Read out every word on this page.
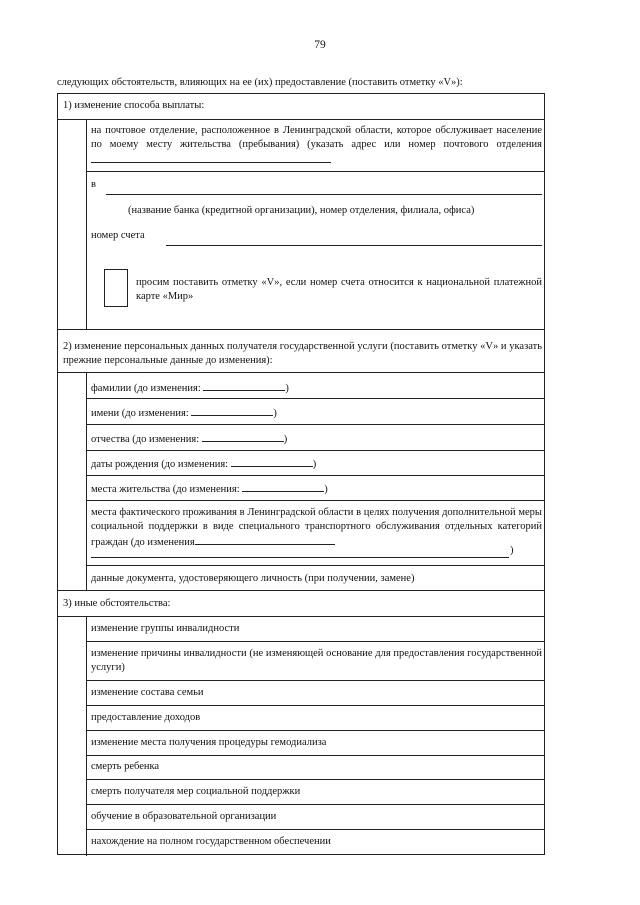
79
следующих обстоятельств, влияющих на ее (их) предоставление (поставить отметку «V»):
1) изменение способа выплаты:
на почтовое отделение, расположенное в Ленинградской области, которое обслуживает население по моему месту жительства (пребывания) (указать адрес или номер почтового отделения
в
(название банка (кредитной организации), номер отделения, филиала, офиса)
номер счета
просим поставить отметку «V», если номер счета относится к национальной платежной карте «Мир»
2) изменение персональных данных получателя государственной услуги (поставить отметку «V» и указать прежние персональные данные до изменения):
фамилии (до изменения:	)
имени (до изменения:	)
отчества (до изменения:	)
даты рождения (до изменения:	)
места жительства (до изменения:	)
места фактического проживания в Ленинградской области в целях получения дополнительной меры социальной поддержки в виде специального транспортного обслуживания отдельных категорий граждан (до изменения
)
данные документа, удостоверяющего личность (при получении, замене)
3) иные обстоятельства:
изменение группы инвалидности
изменение причины инвалидности (не изменяющей основание для предоставления государственной услуги)
изменение состава семьи
предоставление доходов
изменение места получения процедуры гемодиализа
смерть ребенка
смерть получателя мер социальной поддержки
обучение в образовательной организации
нахождение на полном государственном обеспечении
